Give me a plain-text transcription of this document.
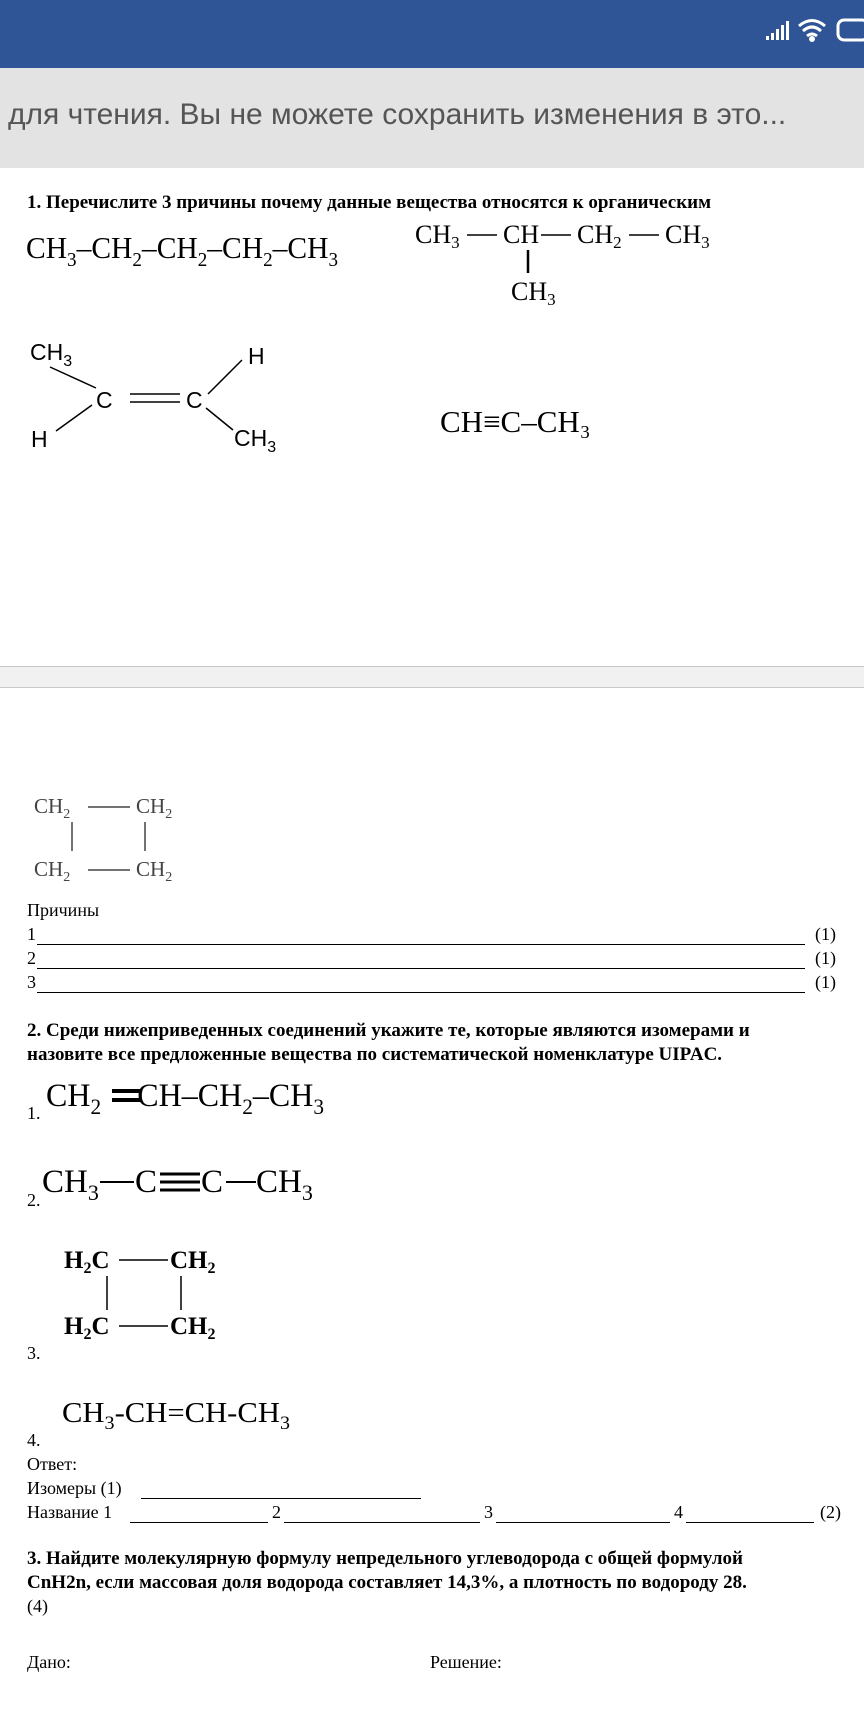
для чтения. Вы не можете сохранить изменения в это...
1. Перечислите 3 причины почему данные вещества относятся к органическим
$CH_3-CH_2-CH_2-CH_2-CH_3$
CH3 CH CH2 CH3
CH3
$CH_3$
C
H
C
H
$CH_3$
CH≡C–CH₃
$CH_2$	$CH_2$
$CH_2$	$CH_2$
Причины
1	(1)
2	(1)
3	(1)
2. Среди нижеприведенных соединений укажите те, которые являются изомерами и
назовите все предложенные вещества по систематической номенклатуре UIPAC.
$CH_2==CH-CH_2-CH_3$
1.
$CH_3$ C C $CH_3$
2.
$H_2C$ $CH_2$
$H_2C$ $CH_2$
3.
CH $_3$-CH=CH-CH $_3$
4.
Ответ:
Изомеры (1)
Название 1	2	3	4	(2)
3. Найдите молекулярную формулу непредельного углеводорода с общей формулой
CnH2n, если массовая доля водорода составляет 14,3%, а плотность по водороду 28.
(4)
Дано:	Решение:
